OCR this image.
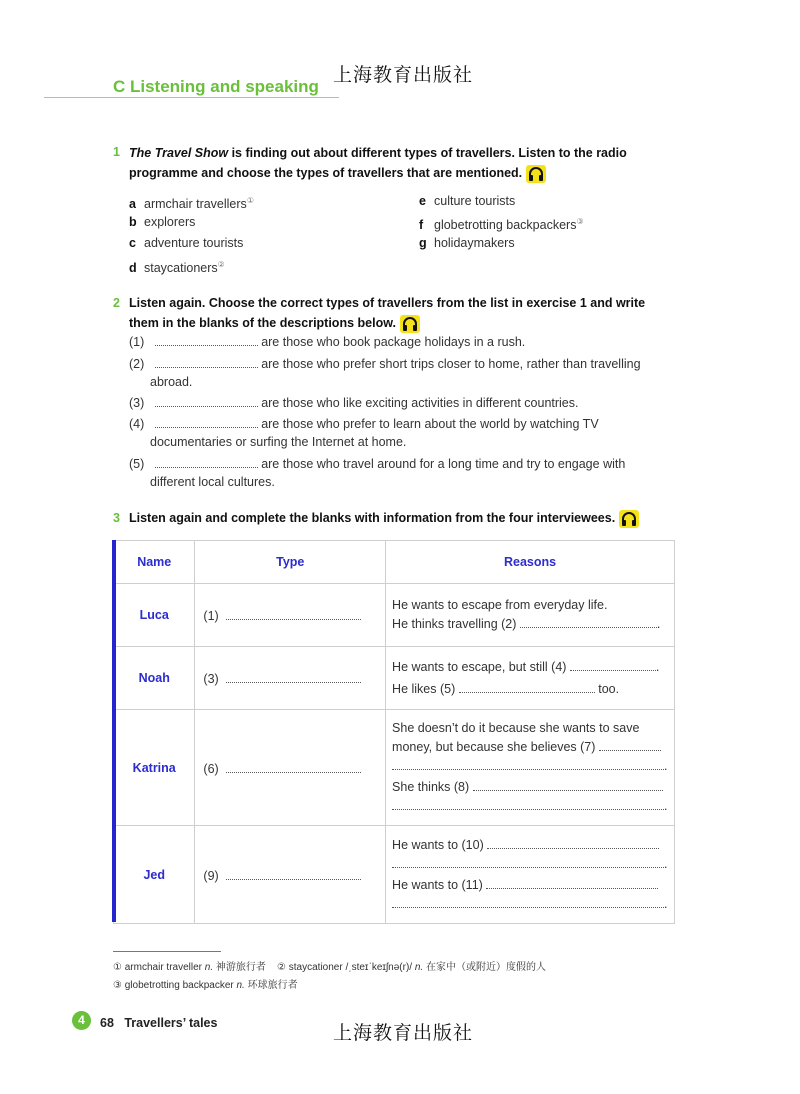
上海教育出版社
C Listening and speaking
1 The Travel Show is finding out about different types of travellers. Listen to the radio
programme and choose the types of travellers that are mentioned.
a armchair travellers①
b explorers
c adventure tourists
d staycationers②
e culture tourists
f globetrotting backpackers③
g holidaymakers
2 Listen again. Choose the correct types of travellers from the list in exercise 1 and write
them in the blanks of the descriptions below.
(1)	are those who book package holidays in a rush.
(2)	are those who prefer short trips closer to home, rather than travelling
abroad.
(3)	are those who like exciting activities in different countries.
(4)	are those who prefer to learn about the world by watching TV
documentaries or surfing the Internet at home.
(5)	are those who travel around for a long time and try to engage with
different local cultures.
3 Listen again and complete the blanks with information from the four interviewees.
Name	Type	Reasons
Luca	(1)	He wants to escape from everyday life.
He thinks travelling (2) .

Noah	(3)	He wants to escape, but still (4) .
He likes (5) too.

Katrina	(6)	She doesn’t do it because she wants to save
money, but because she believes (7)
.
She thinks (8)
.

Jed	(9)	He wants to (10)
.
He wants to (11)
.
① armchair traveller n. 神游旅行者 ② staycationer /ˌsteɪˈkeɪʃnə(r)/ n. 在家中（或附近）度假的人
③ globetrotting backpacker n. 环球旅行者
4	68 Travellers’ tales	上海教育出版社
